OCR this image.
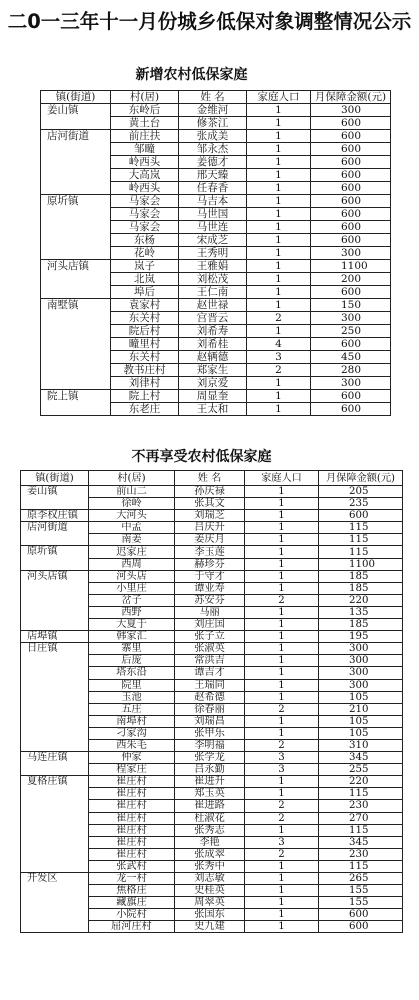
二0一三年十一月份城乡低保对象调整情况公示
新增农村低保家庭
镇(街道)	村(居)	姓 名	家庭人口	月保障金额(元)
姜山镇	东岭后	金维河	1	300
	黄土台	修茶江	1	600
店河街道	前庄扶	张成美	1	600
	邹疃	邹永杰	1	600
	岭西头	姜德才	1	600
	大高岚	邢天臻	1	600
	岭西头	任春香	1	600
原圻镇	马家会	马吉本	1	600
	马家会	马世国	1	600
	马家会	马世连	1	600
	东杨	宋成芝	1	600
	花岭	王秀明	1	300
河头店镇	岚子	王雅娟	1	1100
	北岚	刘松茂	1	200
	埠后	王仁南	1	600
南墅镇	袁家村	赵世禄	1	150
	东关村	宫晋云	2	300
	院后村	刘希寿	1	250
	疃里村	刘希桂	4	600
	东关村	赵辆德	3	450
	教书庄村	郑家生	2	280
	刘律村	刘京爱	1	300
院上镇	院上村	周显奎	1	600
	东老庄	王太和	1	600
不再享受农村低保家庭
镇(街道)	村(居)	姓 名	家庭人口	月保障金额(元)
姜山镇	前山二	孙庆禄	1	205
	徐岭	张其文	1	235
原李权庄镇	大河头	刘瑞芝	1	600
店河街道	中孟	吕庆升	1	115
	南姜	姜庆月	1	115
原圻镇	迟家庄	李玉莲	1	115
	西周	赫珍芬	1	1100
河头店镇	河头店	于守才	1	185
	小里庄	谭业寿	1	185
	岔子	苏安芬	2	220
	西野	马丽	1	135
	大夏于	刘庄国	1	185
店埠镇	韩家汇	张子立	1	195
日庄镇	寨里	张淑英	1	300
	后庞	常洪吉	1	300
	塔东沿	谭吉才	1	300
	院里	王瑞同	1	300
	玉池	赵希德	1	105
	五庄	徐春丽	2	210
	南埠村	刘瑞昌	1	105
	刁家沟	张甲乐	1	105
	西朱毛	李明福	2	310
马连庄镇	仲家	张学龙	3	345
	程家庄	吕永勤	3	255
夏格庄镇	崔庄村	崔进升	1	220
	崔庄村	郑玉英	1	115
	崔庄村	崔进路	2	230
	崔庄村	杜淑花	2	270
	崔庄村	张秀志	1	115
	崔庄村	李艳	3	345
	崔庄村	张成翠	2	230
	张武村	张秀中	1	115
开发区	龙一村	刘志敏	1	265
	焦格庄	史桂英	1	155
	藏旗庄	周翠英	1	155
	小院村	张国东	1	600
	屈河庄村	史九建	1	600
